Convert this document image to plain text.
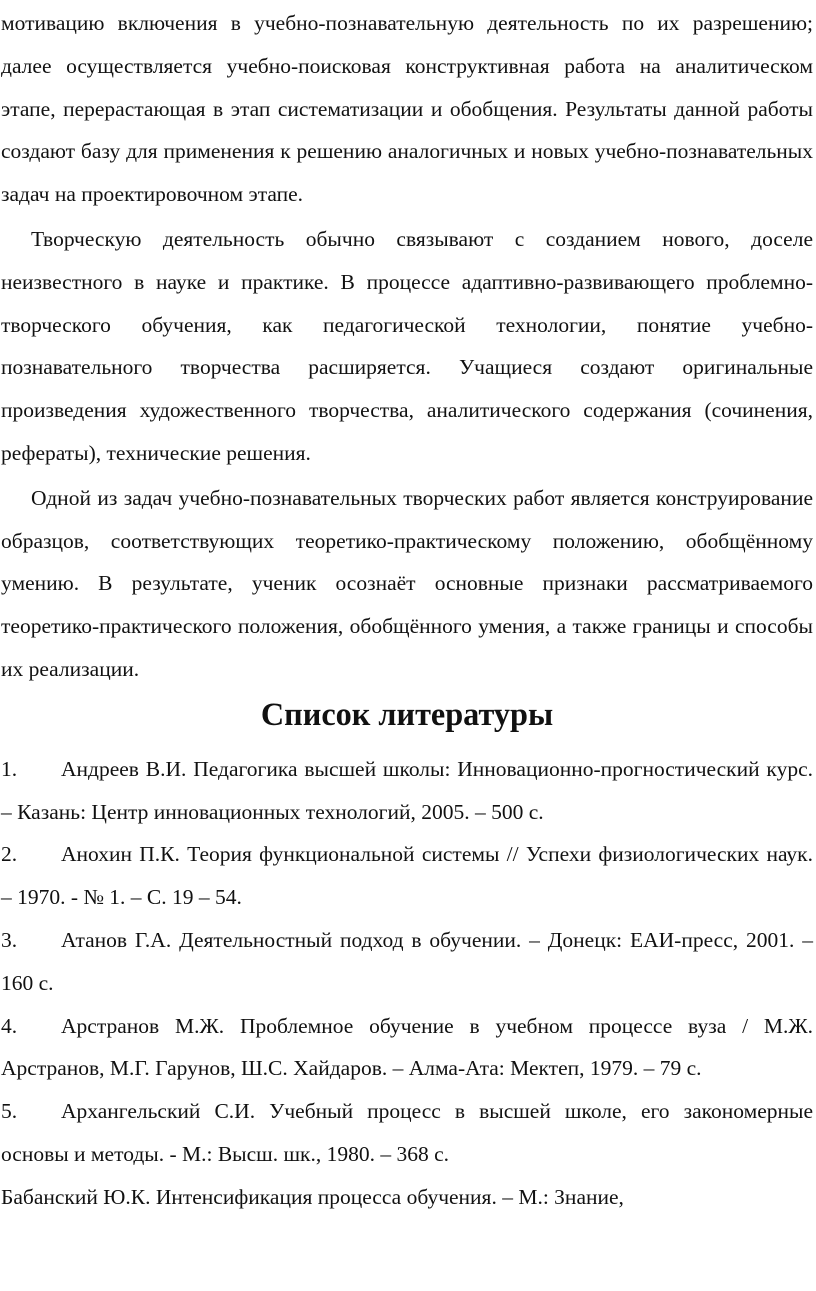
мотивацию включения в учебно-познавательную деятельность по их разрешению; далее осуществляется учебно-поисковая конструктивная работа на аналитическом этапе, перерастающая в этап систематизации и обобщения. Результаты данной работы создают базу для применения к решению аналогичных и новых учебно-познавательных задач на проектировочном этапе.

Творческую деятельность обычно связывают с созданием нового, доселе неизвестного в науке и практике. В процессе адаптивно-развивающего проблемно-творческого обучения, как педагогической технологии, понятие учебно-познавательного творчества расширяется. Учащиеся создают оригинальные произведения художественного творчества, аналитического содержания (сочинения, рефераты), технические решения.

Одной из задач учебно-познавательных творческих работ является конструирование образцов, соответствующих теоретико-практическому положению, обобщённому умению. В результате, ученик осознаёт основные признаки рассматриваемого теоретико-практического положения, обобщённого умения, а также границы и способы их реализации.

Список литературы

1. Андреев В.И. Педагогика высшей школы: Инновационно-прогностический курс. – Казань: Центр инновационных технологий, 2005. – 500 с.

2. Анохин П.К. Теория функциональной системы // Успехи физиологических наук. – 1970. - № 1. – С. 19 – 54.

3. Атанов Г.А. Деятельностный подход в обучении. – Донецк: ЕАИ-пресс, 2001. – 160 с.

4. Арстранов М.Ж. Проблемное обучение в учебном процессе вуза / М.Ж. Арстранов, М.Г. Гарунов, Ш.С. Хайдаров. – Алма-Ата: Мектеп, 1979. – 79 с.

5. Архангельский С.И. Учебный процесс в высшей школе, его закономерные основы и методы. - М.: Высш. шк., 1980. – 368 с.

Бабанский Ю.К. Интенсификация процесса обучения. – М.: Знание,
